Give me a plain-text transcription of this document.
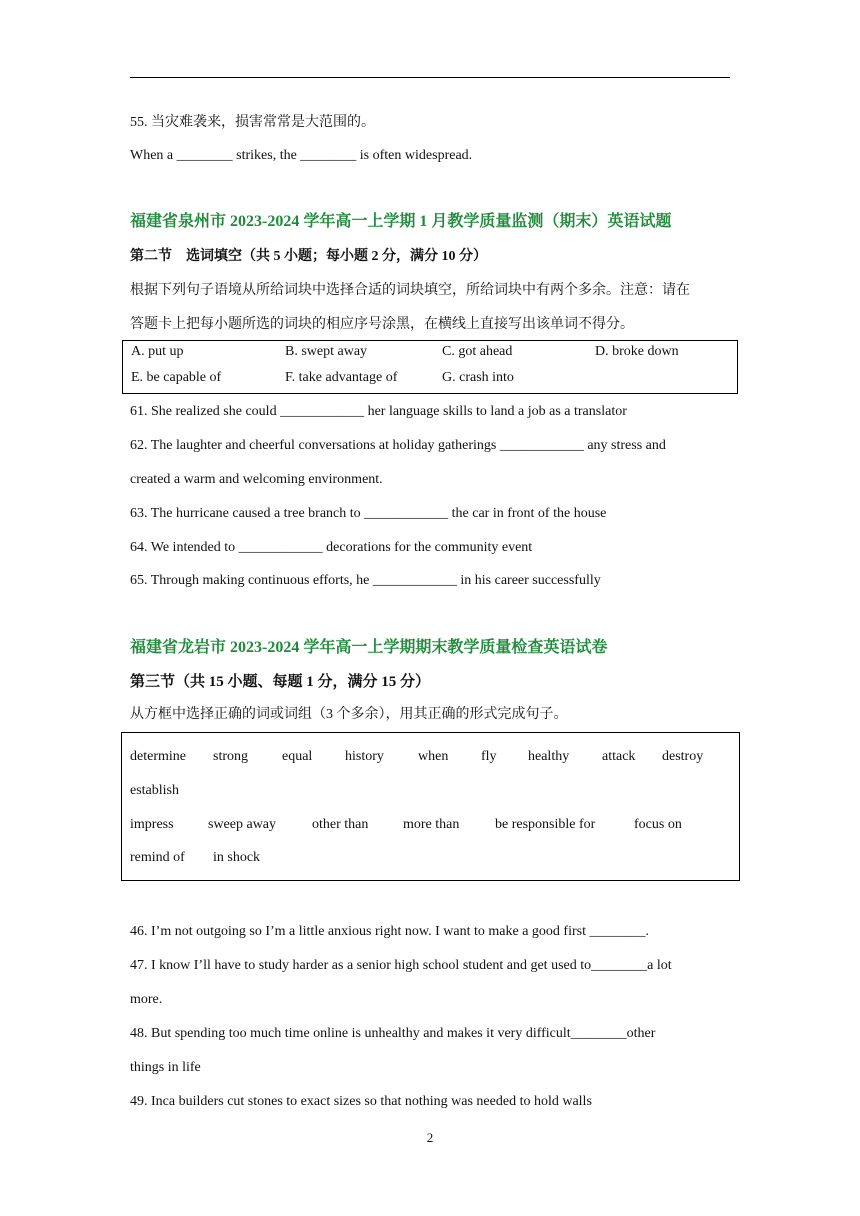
55. 当灾难袭来，损害常常是大范围的。
When a ________ strikes, the ________ is often widespread.
福建省泉州市 2023-2024 学年高一上学期 1 月教学质量监测（期末）英语试题
第二节　选词填空（共 5 小题；每小题 2 分，满分 10 分）
根据下列句子语境从所给词块中选择合适的词块填空，所给词块中有两个多余。注意：请在
答题卡上把每小题所选的词块的相应序号涂黑，在横线上直接写出该单词不得分。
A. put up	B. swept away	C. got ahead	D. broke down
E. be capable of	F. take advantage of	G. crash into
61. She realized she could ____________ her language skills to land a job as a translator
62. The laughter and cheerful conversations at holiday gatherings ____________ any stress and
created a warm and welcoming environment.
63. The hurricane caused a tree branch to ____________ the car in front of the house
64. We intended to ____________ decorations for the community event
65. Through making continuous efforts, he ____________ in his career successfully
福建省龙岩市 2023-2024 学年高一上学期期末教学质量检查英语试卷
第三节（共 15 小题、每题 1 分，满分 15 分）
从方框中选择正确的词或词组（3 个多余），用其正确的形式完成句子。
determine strong equal history when fly healthy attack destroy
establish
impress sweep away	other than more than	be responsible for	focus on
remind of in shock
46. I’m not outgoing so I’m a little anxious right now. I want to make a good first ________.
47. I know I’ll have to study harder as a senior high school student and get used to________a lot
more.
48. But spending too much time online is unhealthy and makes it very difficult________other
things in life
49. Inca builders cut stones to exact sizes so that nothing was needed to hold walls
2
